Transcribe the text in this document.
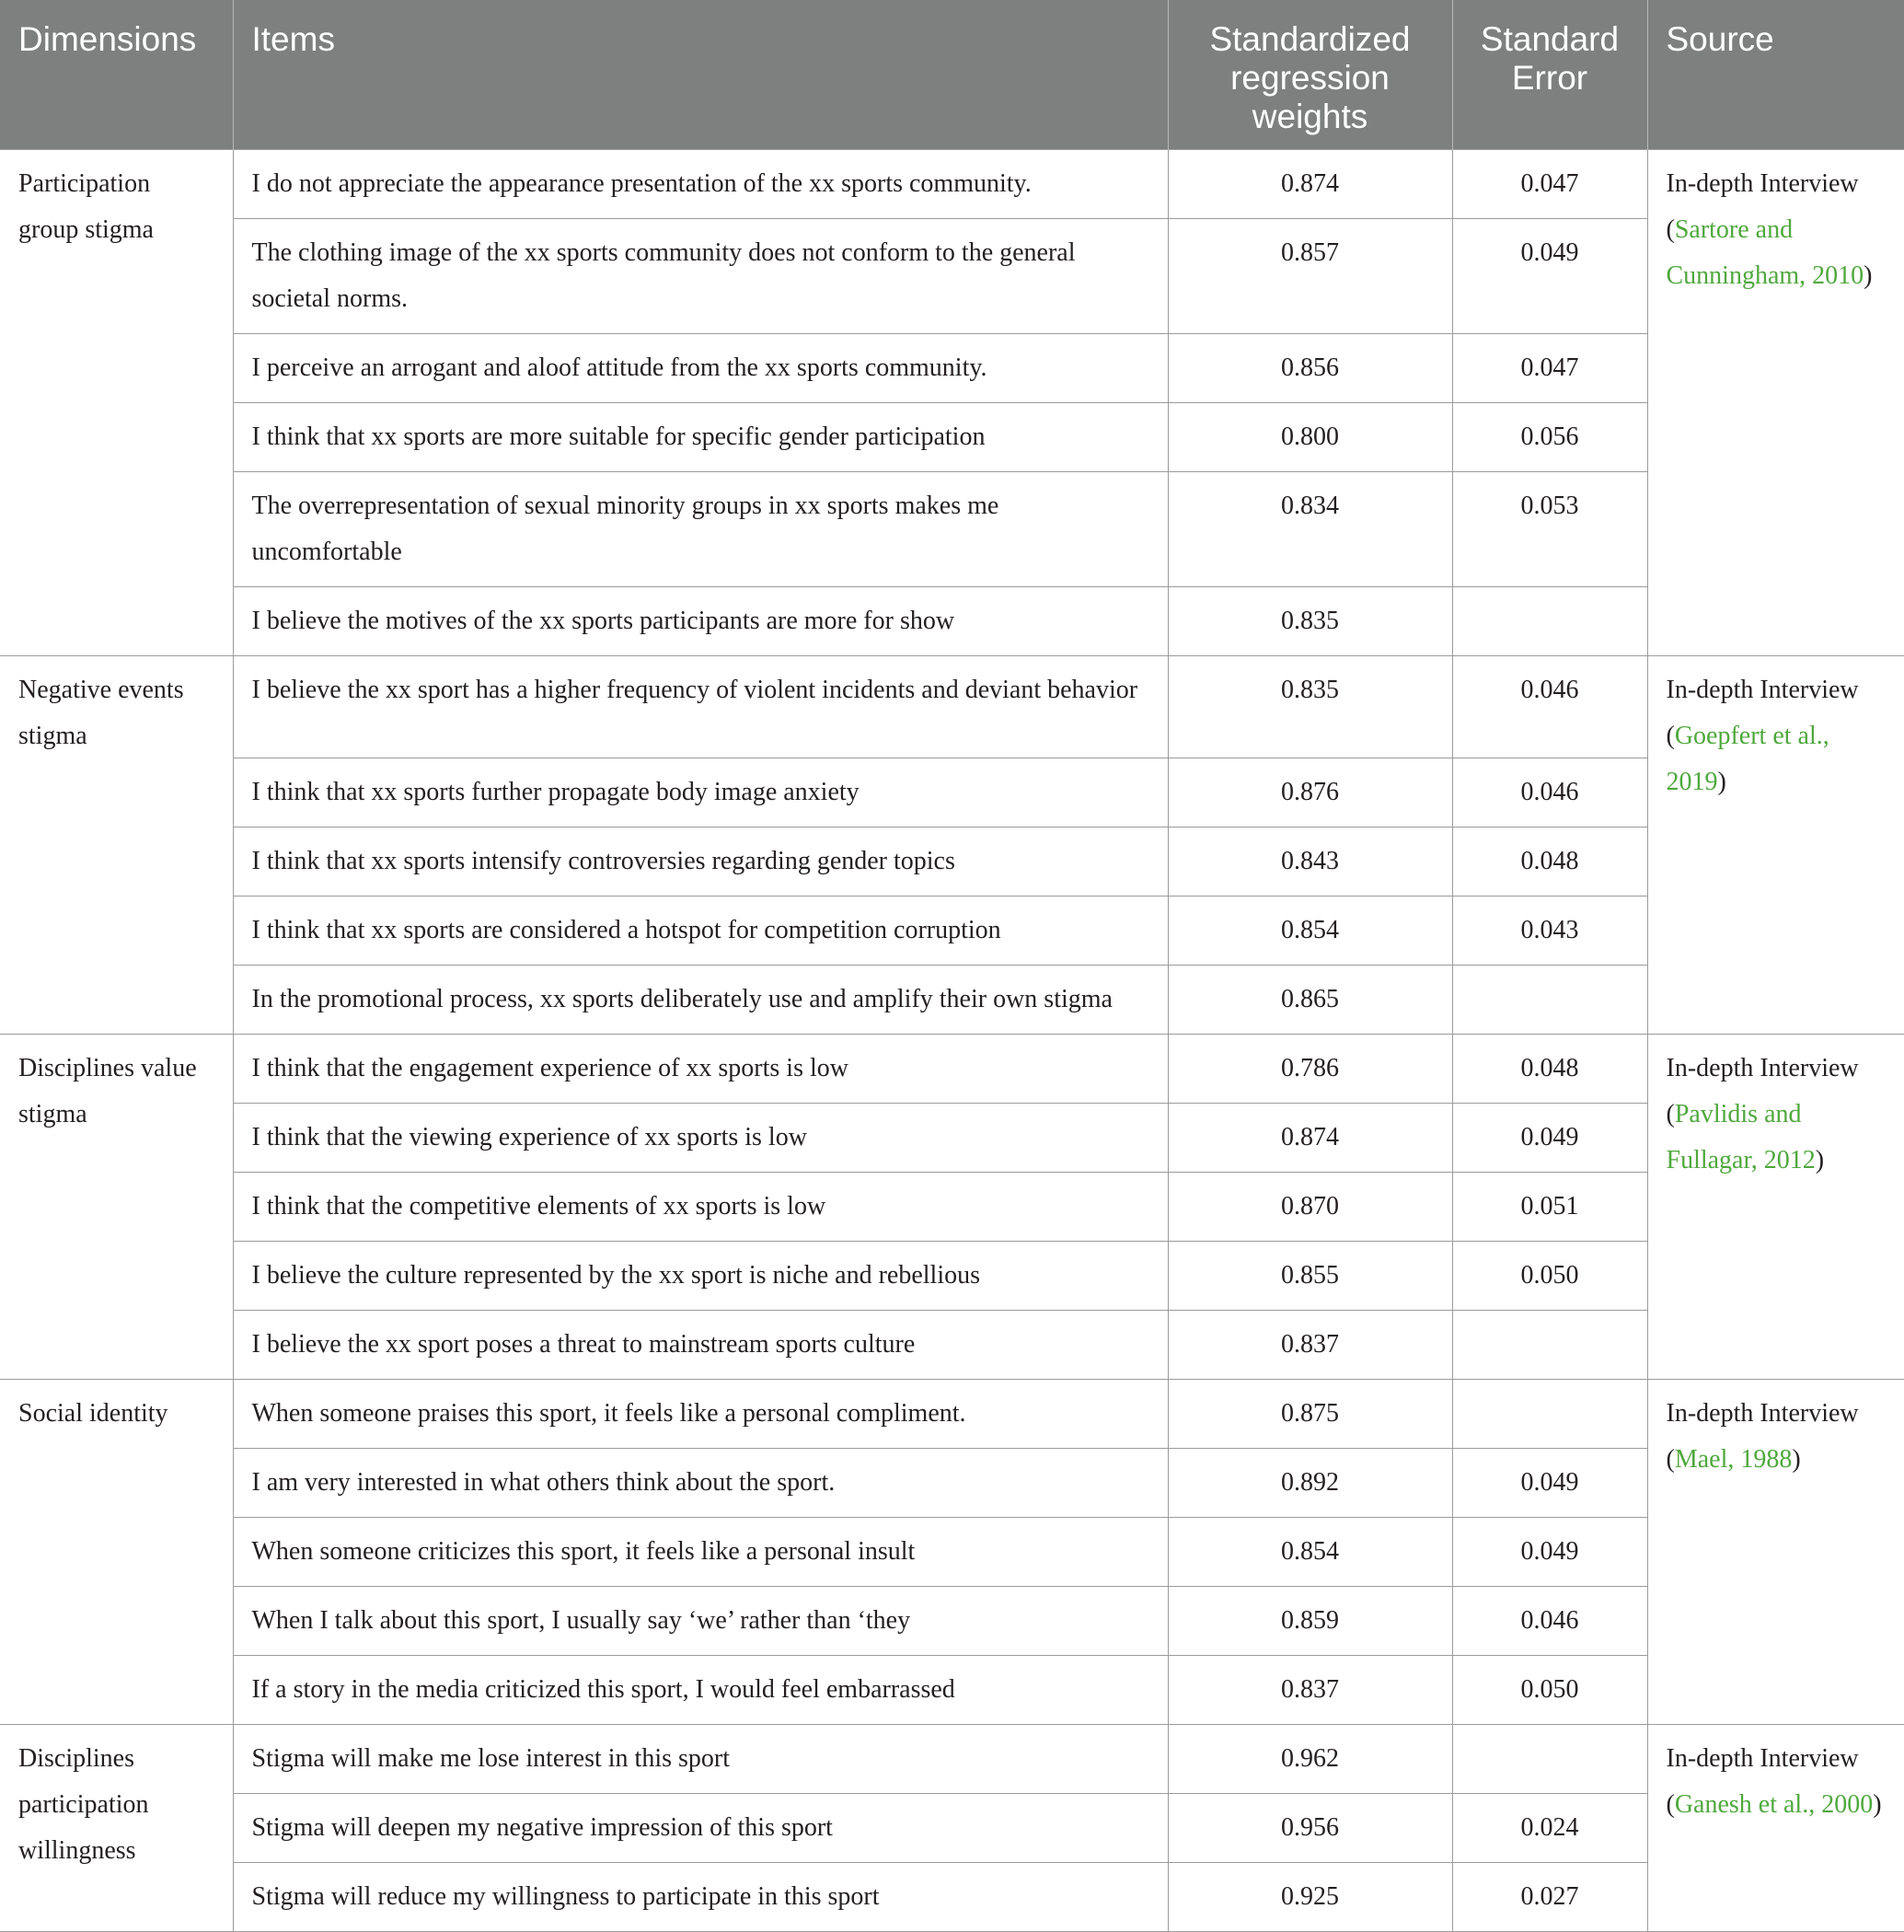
Dimensions	Items	Standardized regression weights	Standard Error	Source
Participation group stigma	I do not appreciate the appearance presentation of the xx sports community.	0.874	0.047	In-depth Interview (Sartore and Cunningham, 2010)
	The clothing image of the xx sports community does not conform to the general societal norms.	0.857	0.049	
	I perceive an arrogant and aloof attitude from the xx sports community.	0.856	0.047	
	I think that xx sports are more suitable for specific gender participation	0.800	0.056	
	The overrepresentation of sexual minority groups in xx sports makes me uncomfortable	0.834	0.053	
	I believe the motives of the xx sports participants are more for show	0.835		
Negative events stigma	I believe the xx sport has a higher frequency of violent incidents and deviant behavior	0.835	0.046	In-depth Interview (Goepfert et al., 2019)
	I think that xx sports further propagate body image anxiety	0.876	0.046	
	I think that xx sports intensify controversies regarding gender topics	0.843	0.048	
	I think that xx sports are considered a hotspot for competition corruption	0.854	0.043	
	In the promotional process, xx sports deliberately use and amplify their own stigma	0.865		
Disciplines value stigma	I think that the engagement experience of xx sports is low	0.786	0.048	In-depth Interview (Pavlidis and Fullagar, 2012)
	I think that the viewing experience of xx sports is low	0.874	0.049	
	I think that the competitive elements of xx sports is low	0.870	0.051	
	I believe the culture represented by the xx sport is niche and rebellious	0.855	0.050	
	I believe the xx sport poses a threat to mainstream sports culture	0.837		
Social identity	When someone praises this sport, it feels like a personal compliment.	0.875		In-depth Interview (Mael, 1988)
	I am very interested in what others think about the sport.	0.892	0.049	
	When someone criticizes this sport, it feels like a personal insult	0.854	0.049	
	When I talk about this sport, I usually say ‘we’ rather than ‘they	0.859	0.046	
	If a story in the media criticized this sport, I would feel embarrassed	0.837	0.050	
Disciplines participation willingness	Stigma will make me lose interest in this sport	0.962		In-depth Interview (Ganesh et al., 2000)
	Stigma will deepen my negative impression of this sport	0.956	0.024	
	Stigma will reduce my willingness to participate in this sport	0.925	0.027	
